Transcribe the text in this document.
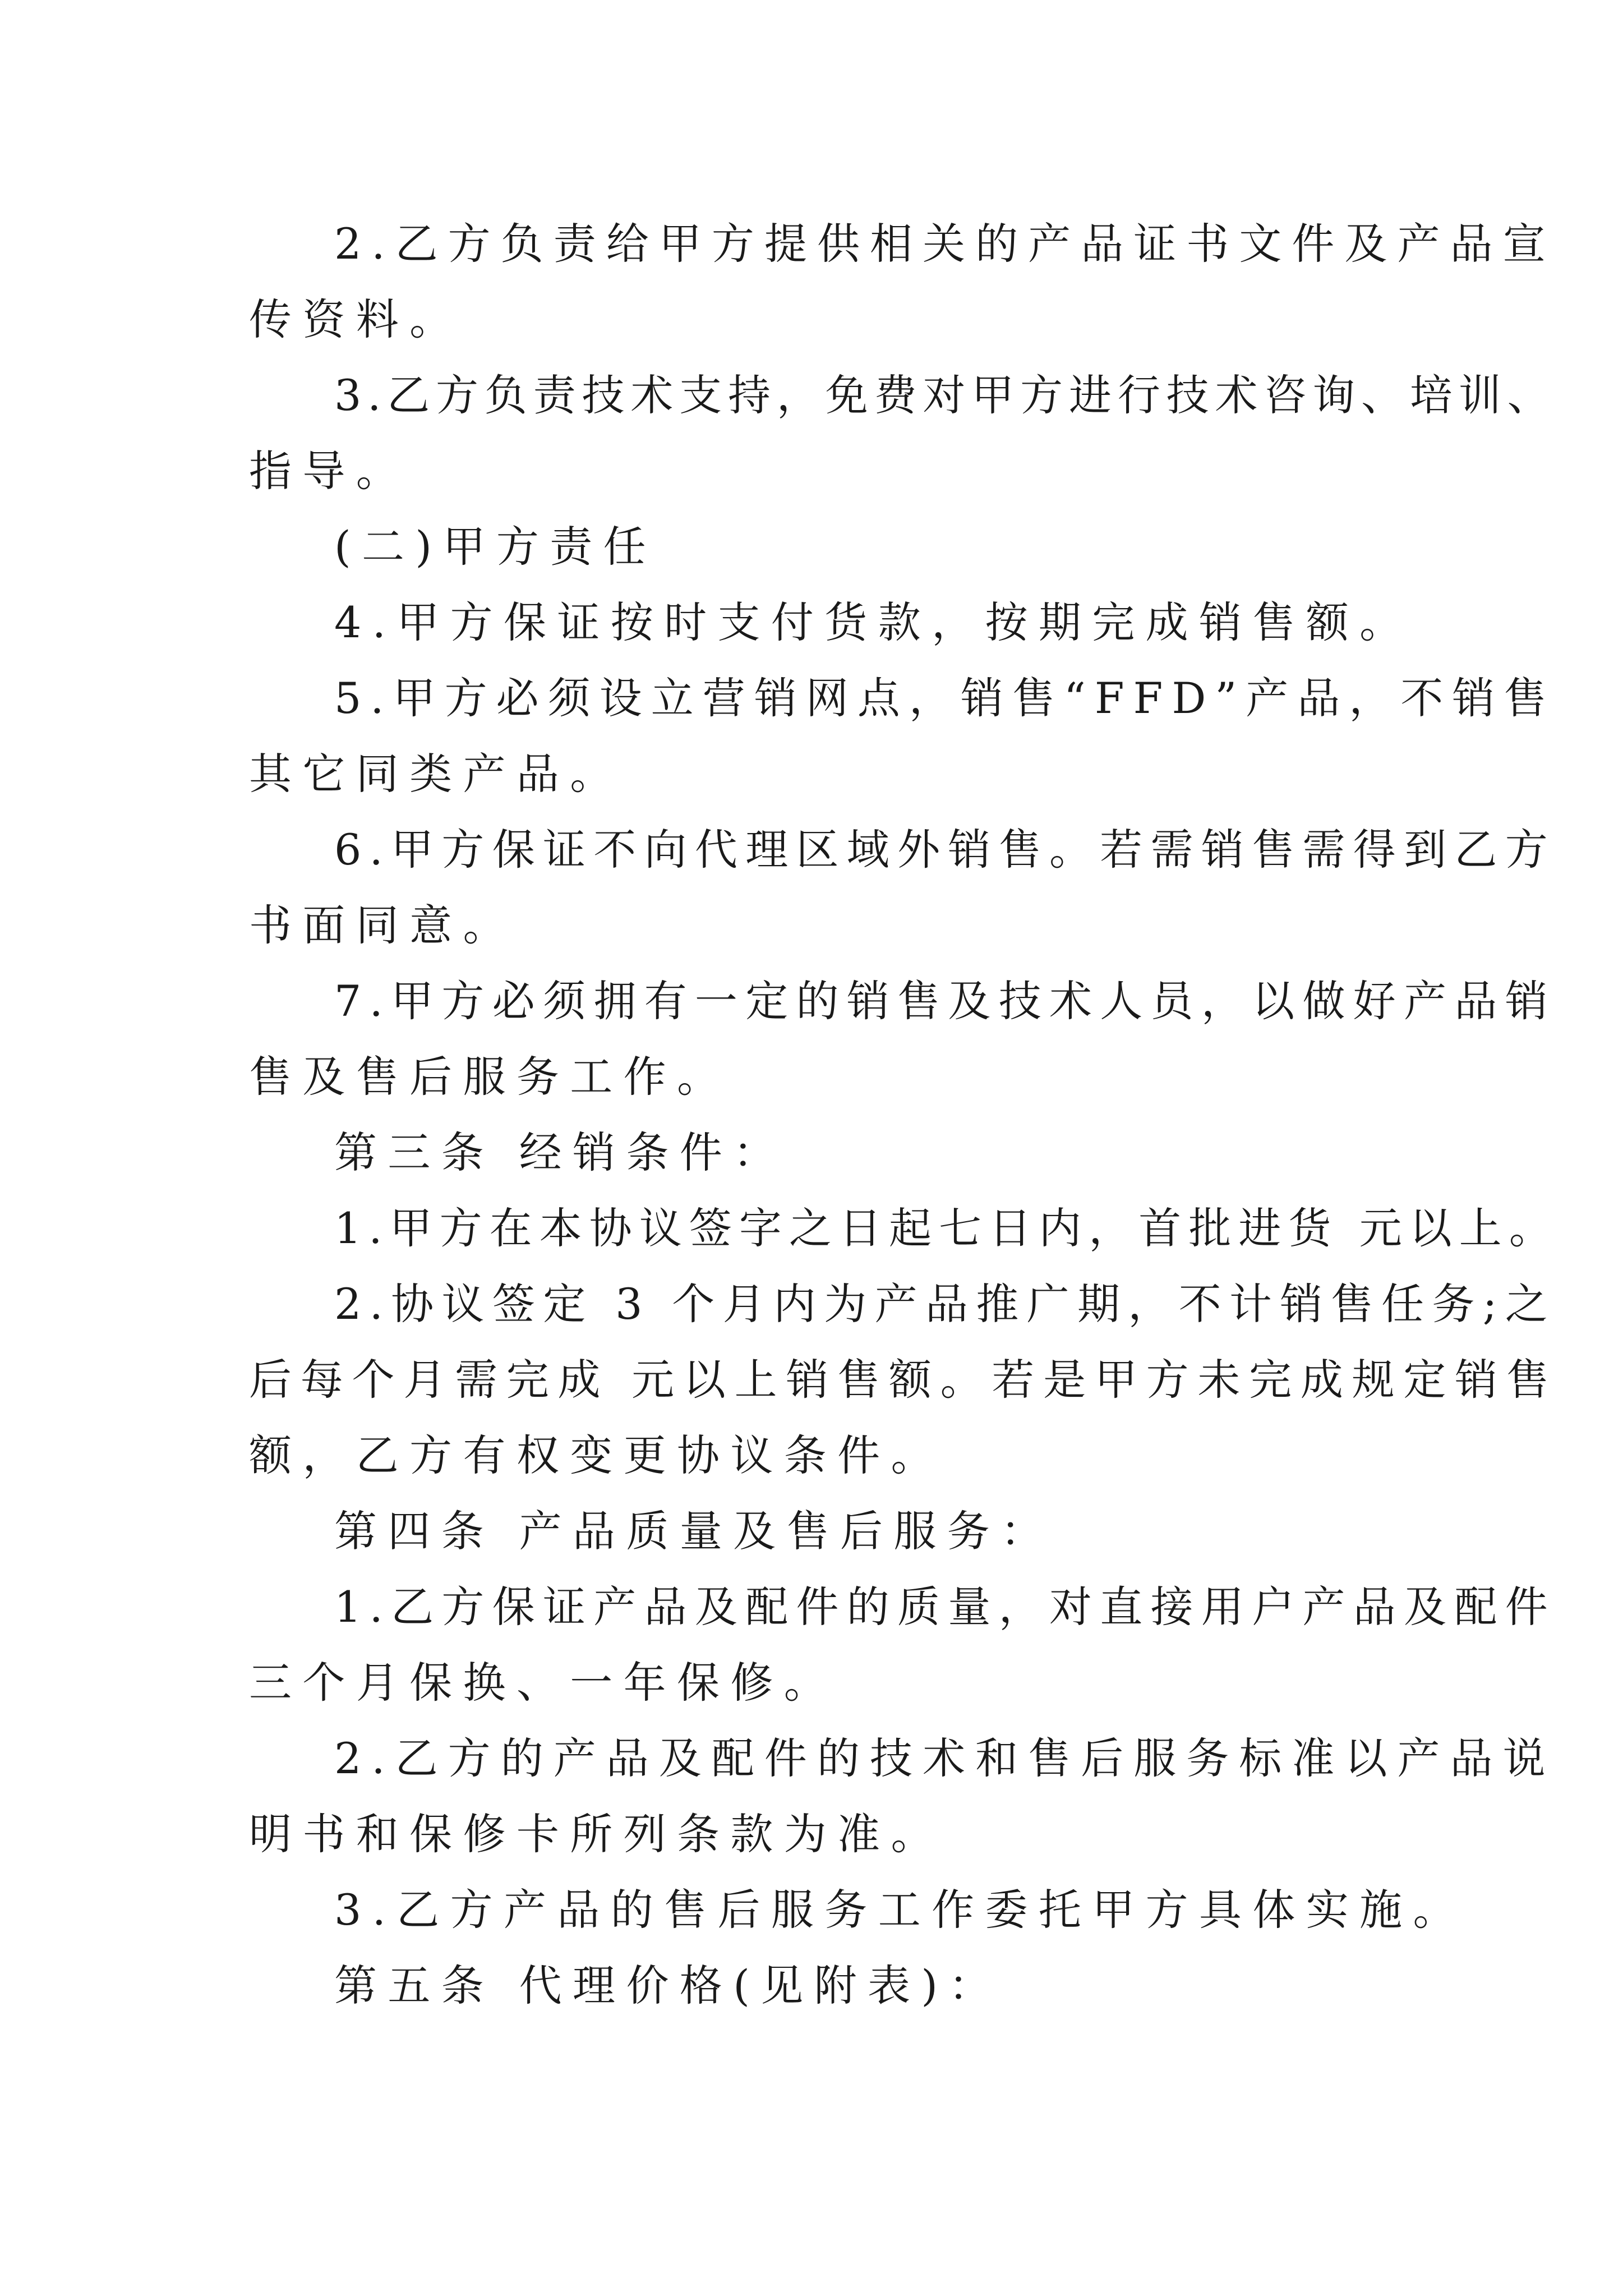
2.乙方负责给甲方提供相关的产品证书文件及产品宣
传资料。
3.乙方负责技术支持，免费对甲方进行技术咨询、培训、
指导。
(二)甲方责任
4.甲方保证按时支付货款，按期完成销售额。
5.甲方必须设立营销网点，销售“FFD”产品，不销售
其它同类产品。
6.甲方保证不向代理区域外销售。若需销售需得到乙方
书面同意。
7.甲方必须拥有一定的销售及技术人员，以做好产品销
售及售后服务工作。
第三条 经销条件：
1.甲方在本协议签字之日起七日内，首批进货 元以上。
2.协议签定 3 个月内为产品推广期，不计销售任务;之
后每个月需完成 元以上销售额。若是甲方未完成规定销售
额，乙方有权变更协议条件。
第四条 产品质量及售后服务：
1.乙方保证产品及配件的质量，对直接用户产品及配件
三个月保换、一年保修。
2.乙方的产品及配件的技术和售后服务标准以产品说
明书和保修卡所列条款为准。
3.乙方产品的售后服务工作委托甲方具体实施。
第五条 代理价格(见附表)：
